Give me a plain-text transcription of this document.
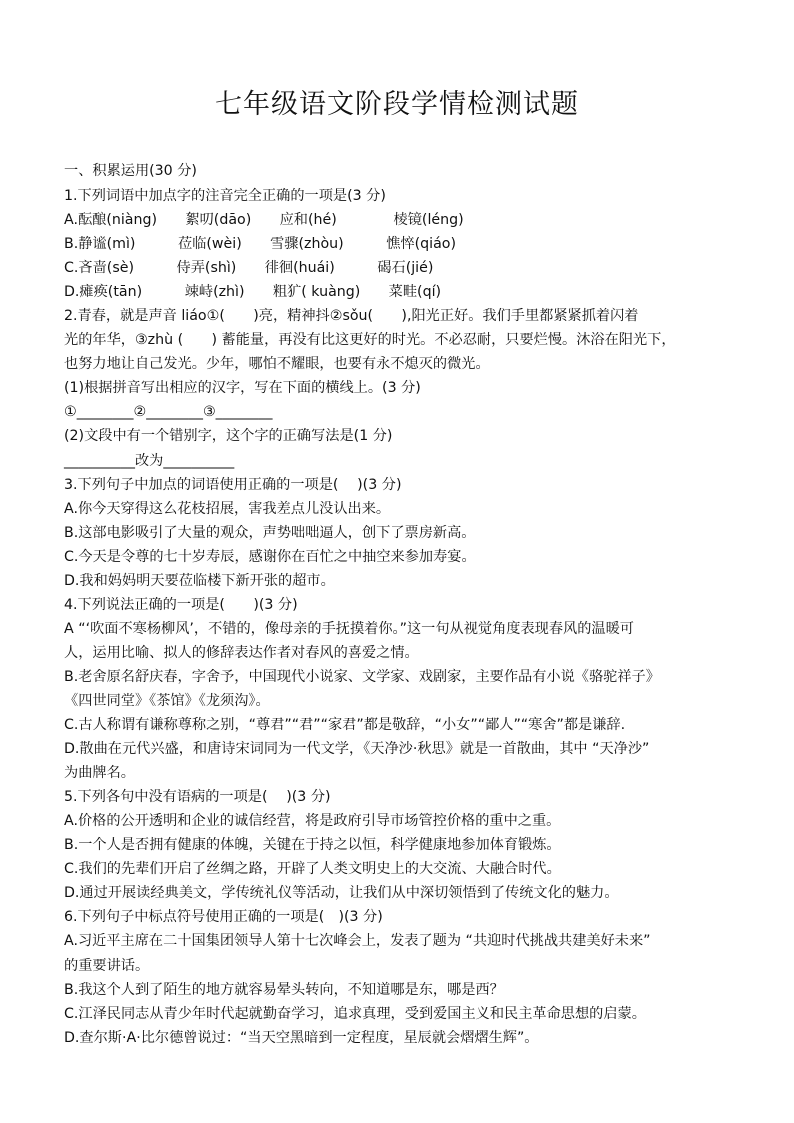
七年级语文阶段学情检测试题
一、积累运用(30 分)
1.下列词语中加点字的注音完全正确的一项是(3 分)
A.酝酿(niàng)　　絮叨(dāo)　　应和(hé)　　　　棱镜(léng)
B.静谧(mì)　　　莅临(wèi)　　雪骤(zhòu)　　　憔悴(qiáo)
C.吝啬(sè)　　　侍弄(shì)　　徘徊(huái)　　　碣石(jié)
D.瘫痪(tān)　　　竦峙(zhì)　　粗犷( kuàng)　　菜畦(qí)
2.青春，就是声音 liáo①(　　)亮，精神抖②sǒu(　　),阳光正好。我们手里都紧紧抓着闪着
光的年华，③zhù (　　) 蓄能量，再没有比这更好的时光。不必忍耐，只要烂慢。沐浴在阳光下，
也努力地让自己发光。少年，哪怕不耀眼，也要有永不熄灭的微光。
(1)根据拼音写出相应的汉字，写在下面的横线上。(3 分)
①________②________③________
(2)文段中有一个错别字，这个字的正确写法是(1 分)
__________改为__________
3.下列句子中加点的词语使用正确的一项是(　 )(3 分)
A.你今天穿得这么花枝招展，害我差点儿没认出来。
B.这部电影吸引了大量的观众，声势咄咄逼人，创下了票房新高。
C.今天是令尊的七十岁寿辰，感谢你在百忙之中抽空来参加寿宴。
D.我和妈妈明天要莅临楼下新开张的超市。
4.下列说法正确的一项是(　　)(3 分)
A “‘吹面不寒杨柳风’，不错的，像母亲的手抚摸着你。”这一句从视觉角度表现春风的温暖可
人，运用比喻、拟人的修辞表达作者对春风的喜爱之情。
B.老舍原名舒庆春，字舍予，中国现代小说家、文学家、戏剧家，主要作品有小说《骆驼祥子》
《四世同堂》《茶馆》《龙须沟》。
C.古人称谓有谦称尊称之别，“尊君”“君”“家君”都是敬辞，“小女”“鄙人”“寒舍”都是谦辞.
D.散曲在元代兴盛，和唐诗宋词同为一代文学，《天净沙·秋思》就是一首散曲，其中 “天净沙”
为曲牌名。
5.下列各句中没有语病的一项是(　 )(3 分)
A.价格的公开透明和企业的诚信经营，将是政府引导市场管控价格的重中之重。
B.一个人是否拥有健康的体魄，关键在于持之以恒，科学健康地参加体育锻炼。
C.我们的先辈们开启了丝绸之路，开辟了人类文明史上的大交流、大融合时代。
D.通过开展读经典美文，学传统礼仪等活动，让我们从中深切领悟到了传统文化的魅力。
6.下列句子中标点符号使用正确的一项是(　)(3 分)
A.习近平主席在二十国集团领导人第十七次峰会上，发表了题为 “共迎时代挑战共建美好未来”
的重要讲话。
B.我这个人到了陌生的地方就容易晕头转向，不知道哪是东，哪是西？
C.江泽民同志从青少年时代起就勤奋学习，追求真理，受到爱国主义和民主革命思想的启蒙。
D.查尔斯·A·比尔德曾说过：“当天空黑暗到一定程度，星辰就会熠熠生辉”。
